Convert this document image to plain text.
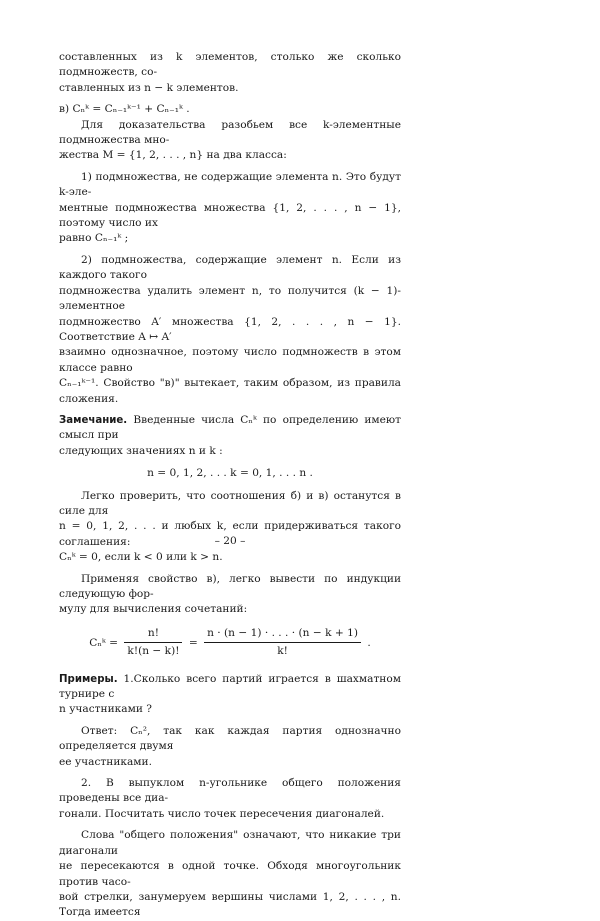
составленных из k элементов, столько же сколько подмножеств, со-

ставленных из n − k элементов.

в) Cₙᵏ = Cₙ₋₁ᵏ⁻¹ + Cₙ₋₁ᵏ .

Для доказательства разобьем все k-элементные подмножества мно-

жества M = {1, 2, . . . , n} на два класса:

1) подмножества, не содержащие элемента n. Это будут k-эле-

ментные подмножества множества {1, 2, . . . , n − 1}, поэтому число их

равно Cₙ₋₁ᵏ ;

2) подмножества, содержащие элемент n. Если из каждого такого

подмножества удалить элемент n, то получится (k − 1)-элементное

подмножество A′ множества {1, 2, . . . , n − 1}. Соответствие A ↦ A′

взаимно однозначное, поэтому число подмножеств в этом классе равно

Cₙ₋₁ᵏ⁻¹. Свойство "в)" вытекает, таким образом, из правила сложения.

Замечание. Введенные числа Cₙᵏ по определению имеют смысл при

следующих значениях n и k :

n = 0, 1, 2, . . . k = 0, 1, . . . n .

Легко проверить, что соотношения б) и в) останутся в силе для

n = 0, 1, 2, . . . и любых k, если придерживаться такого соглашения:

Cₙᵏ = 0, если k < 0 или k > n.

Применяя свойство в), легко вывести по индукции следующую фор-

мулу для вычисления сочетаний:

Cₙᵏ = $\frac{n!}{k!(n - k)!} = \frac{n \cdot (n - 1) \cdot . . . \cdot (n - k + 1)}{k!}$ .

Примеры. 1.Сколько всего партий играется в шахматном турнире с

n участниками ?

Ответ: Cₙ², так как каждая партия однозначно определяется двумя

ее участниками.

2. В выпуклом n-угольнике общего положения проведены все диа-

гонали. Посчитать число точек пересечения диагоналей.

Слова "общего положения" означают, что никакие три диагонали

не пересекаются в одной точке. Обходя многоугольник против часо-

вой стрелки, занумеруем вершины числами 1, 2, . . . , n. Тогда имеется

– 20 –
